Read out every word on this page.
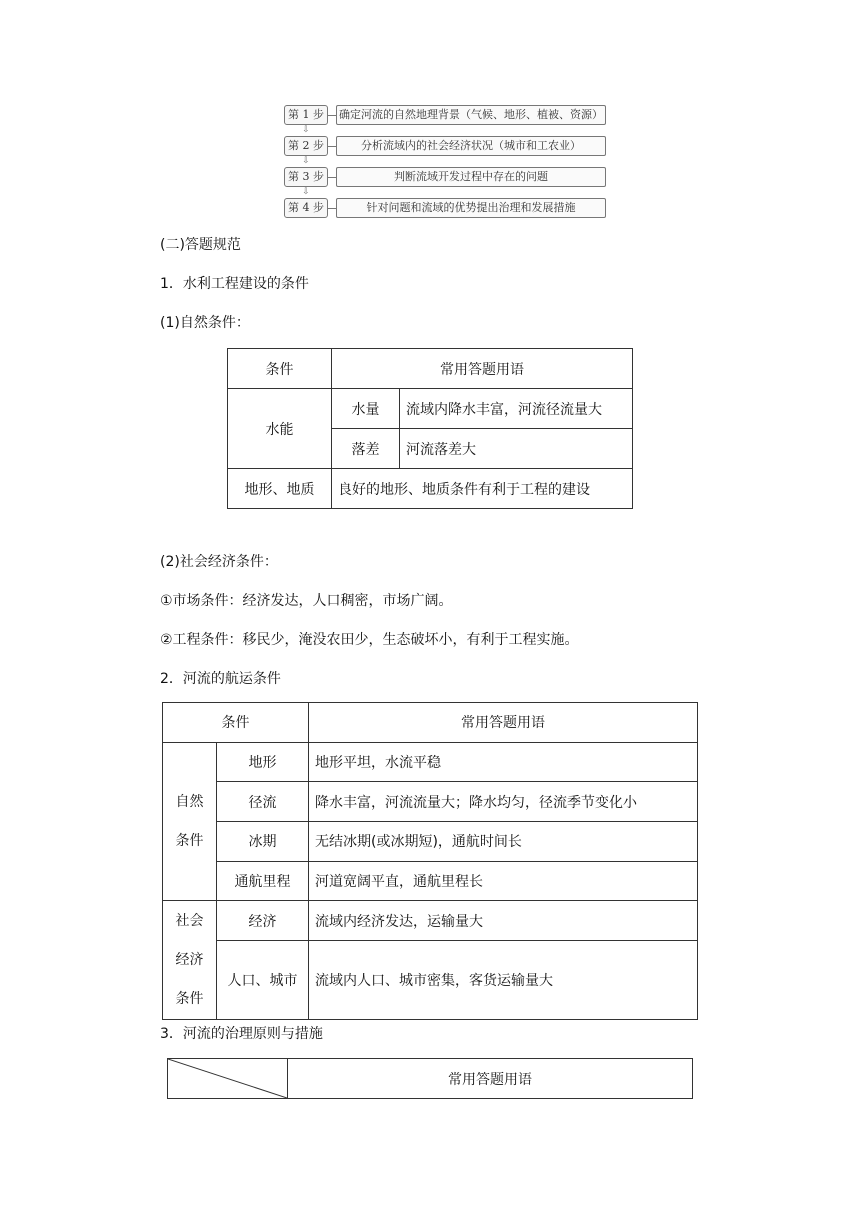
第 1 步	确定河流的自然地理背景（气候、地形、植被、资源）
⇩
第 2 步	分析流域内的社会经济状况（城市和工农业）
⇩
第 3 步	判断流域开发过程中存在的问题
⇩
第 4 步	针对问题和流域的优势提出治理和发展措施
(二)答题规范
1．水利工程建设的条件
(1)自然条件：
条件	常用答题用语	
水能	水量	流域内降水丰富，河流径流量大
	落差	河流落差大
地形、地质	良好的地形、地质条件有利于工程的建设	
(2)社会经济条件：
①市场条件：经济发达，人口稠密，市场广阔。
②工程条件：移民少，淹没农田少，生态破坏小，有利于工程实施。
2．河流的航运条件
条件		常用答题用语

自然
条件	地形	地形平坦，水流平稳
	径流	降水丰富，河流流量大；降水均匀，径流季节变化小
	冰期	无结冰期(或冰期短)，通航时间长
	通航里程	河道宽阔平直，通航里程长

社会
经济
条件	经济	流域内经济发达，运输量大
	人口、城市	流域内人口、城市密集，客货运输量大
3．河流的治理原则与措施
	常用答题用语
